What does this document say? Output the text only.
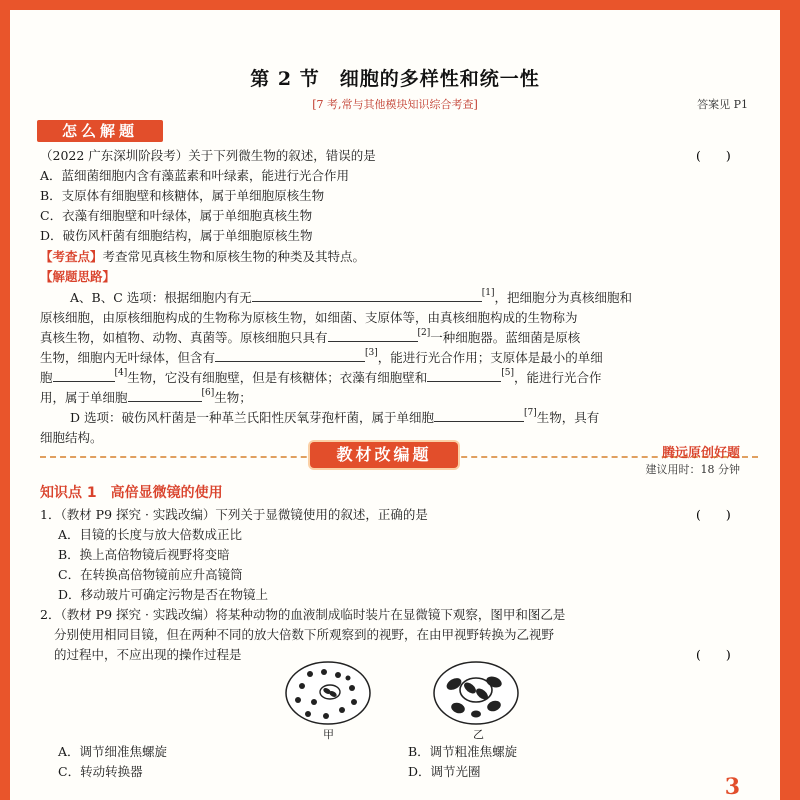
第 2 节　细胞的多样性和统一性
[7 考,常与其他模块知识综合考查]	答案见 P1
怎么解题
（2022 广东深圳阶段考）关于下列微生物的叙述，错误的是	(　　)
A．蓝细菌细胞内含有藻蓝素和叶绿素，能进行光合作用
B．支原体有细胞壁和核糖体，属于单细胞原核生物
C．衣藻有细胞壁和叶绿体，属于单细胞真核生物
D．破伤风杆菌有细胞结构，属于单细胞原核生物
【考查点】考查常见真核生物和原核生物的种类及其特点。
【解题思路】
A、B、C 选项：根据细胞内有无	[1]，把细胞分为真核细胞和
原核细胞，由原核细胞构成的生物称为原核生物，如细菌、支原体等，由真核细胞构成的生物称为
真核生物，如植物、动物、真菌等。原核细胞只具有	[2]一种细胞器。蓝细菌是原核
生物，细胞内无叶绿体，但含有	[3]，能进行光合作用；支原体是最小的单细
胞	[4]生物，它没有细胞壁，但是有核糖体；衣藻有细胞壁和	[5]，能进行光合作
用，属于单细胞	[6]生物；
D 选项：破伤风杆菌是一种革兰氏阳性厌氧芽孢杆菌，属于单细胞	[7]生物，具有
细胞结构。
教材改编题	腾远原创好题
建议用时：18 分钟
知识点 1　高倍显微镜的使用
1．（教材 P9 探究 · 实践改编）下列关于显微镜使用的叙述，正确的是	(　　)
A．目镜的长度与放大倍数成正比
B．换上高倍物镜后视野将变暗
C．在转换高倍物镜前应升高镜筒
D．移动玻片可确定污物是否在物镜上
2．（教材 P9 探究 · 实践改编）将某种动物的血液制成临时装片在显微镜下观察，图甲和图乙是
分别使用相同目镜，但在两种不同的放大倍数下所观察到的视野，在由甲视野转换为乙视野
的过程中，不应出现的操作过程是	(　　)
甲	乙
A．调节细准焦螺旋	B．调节粗准焦螺旋
C．转动转换器	D．调节光圈
3
